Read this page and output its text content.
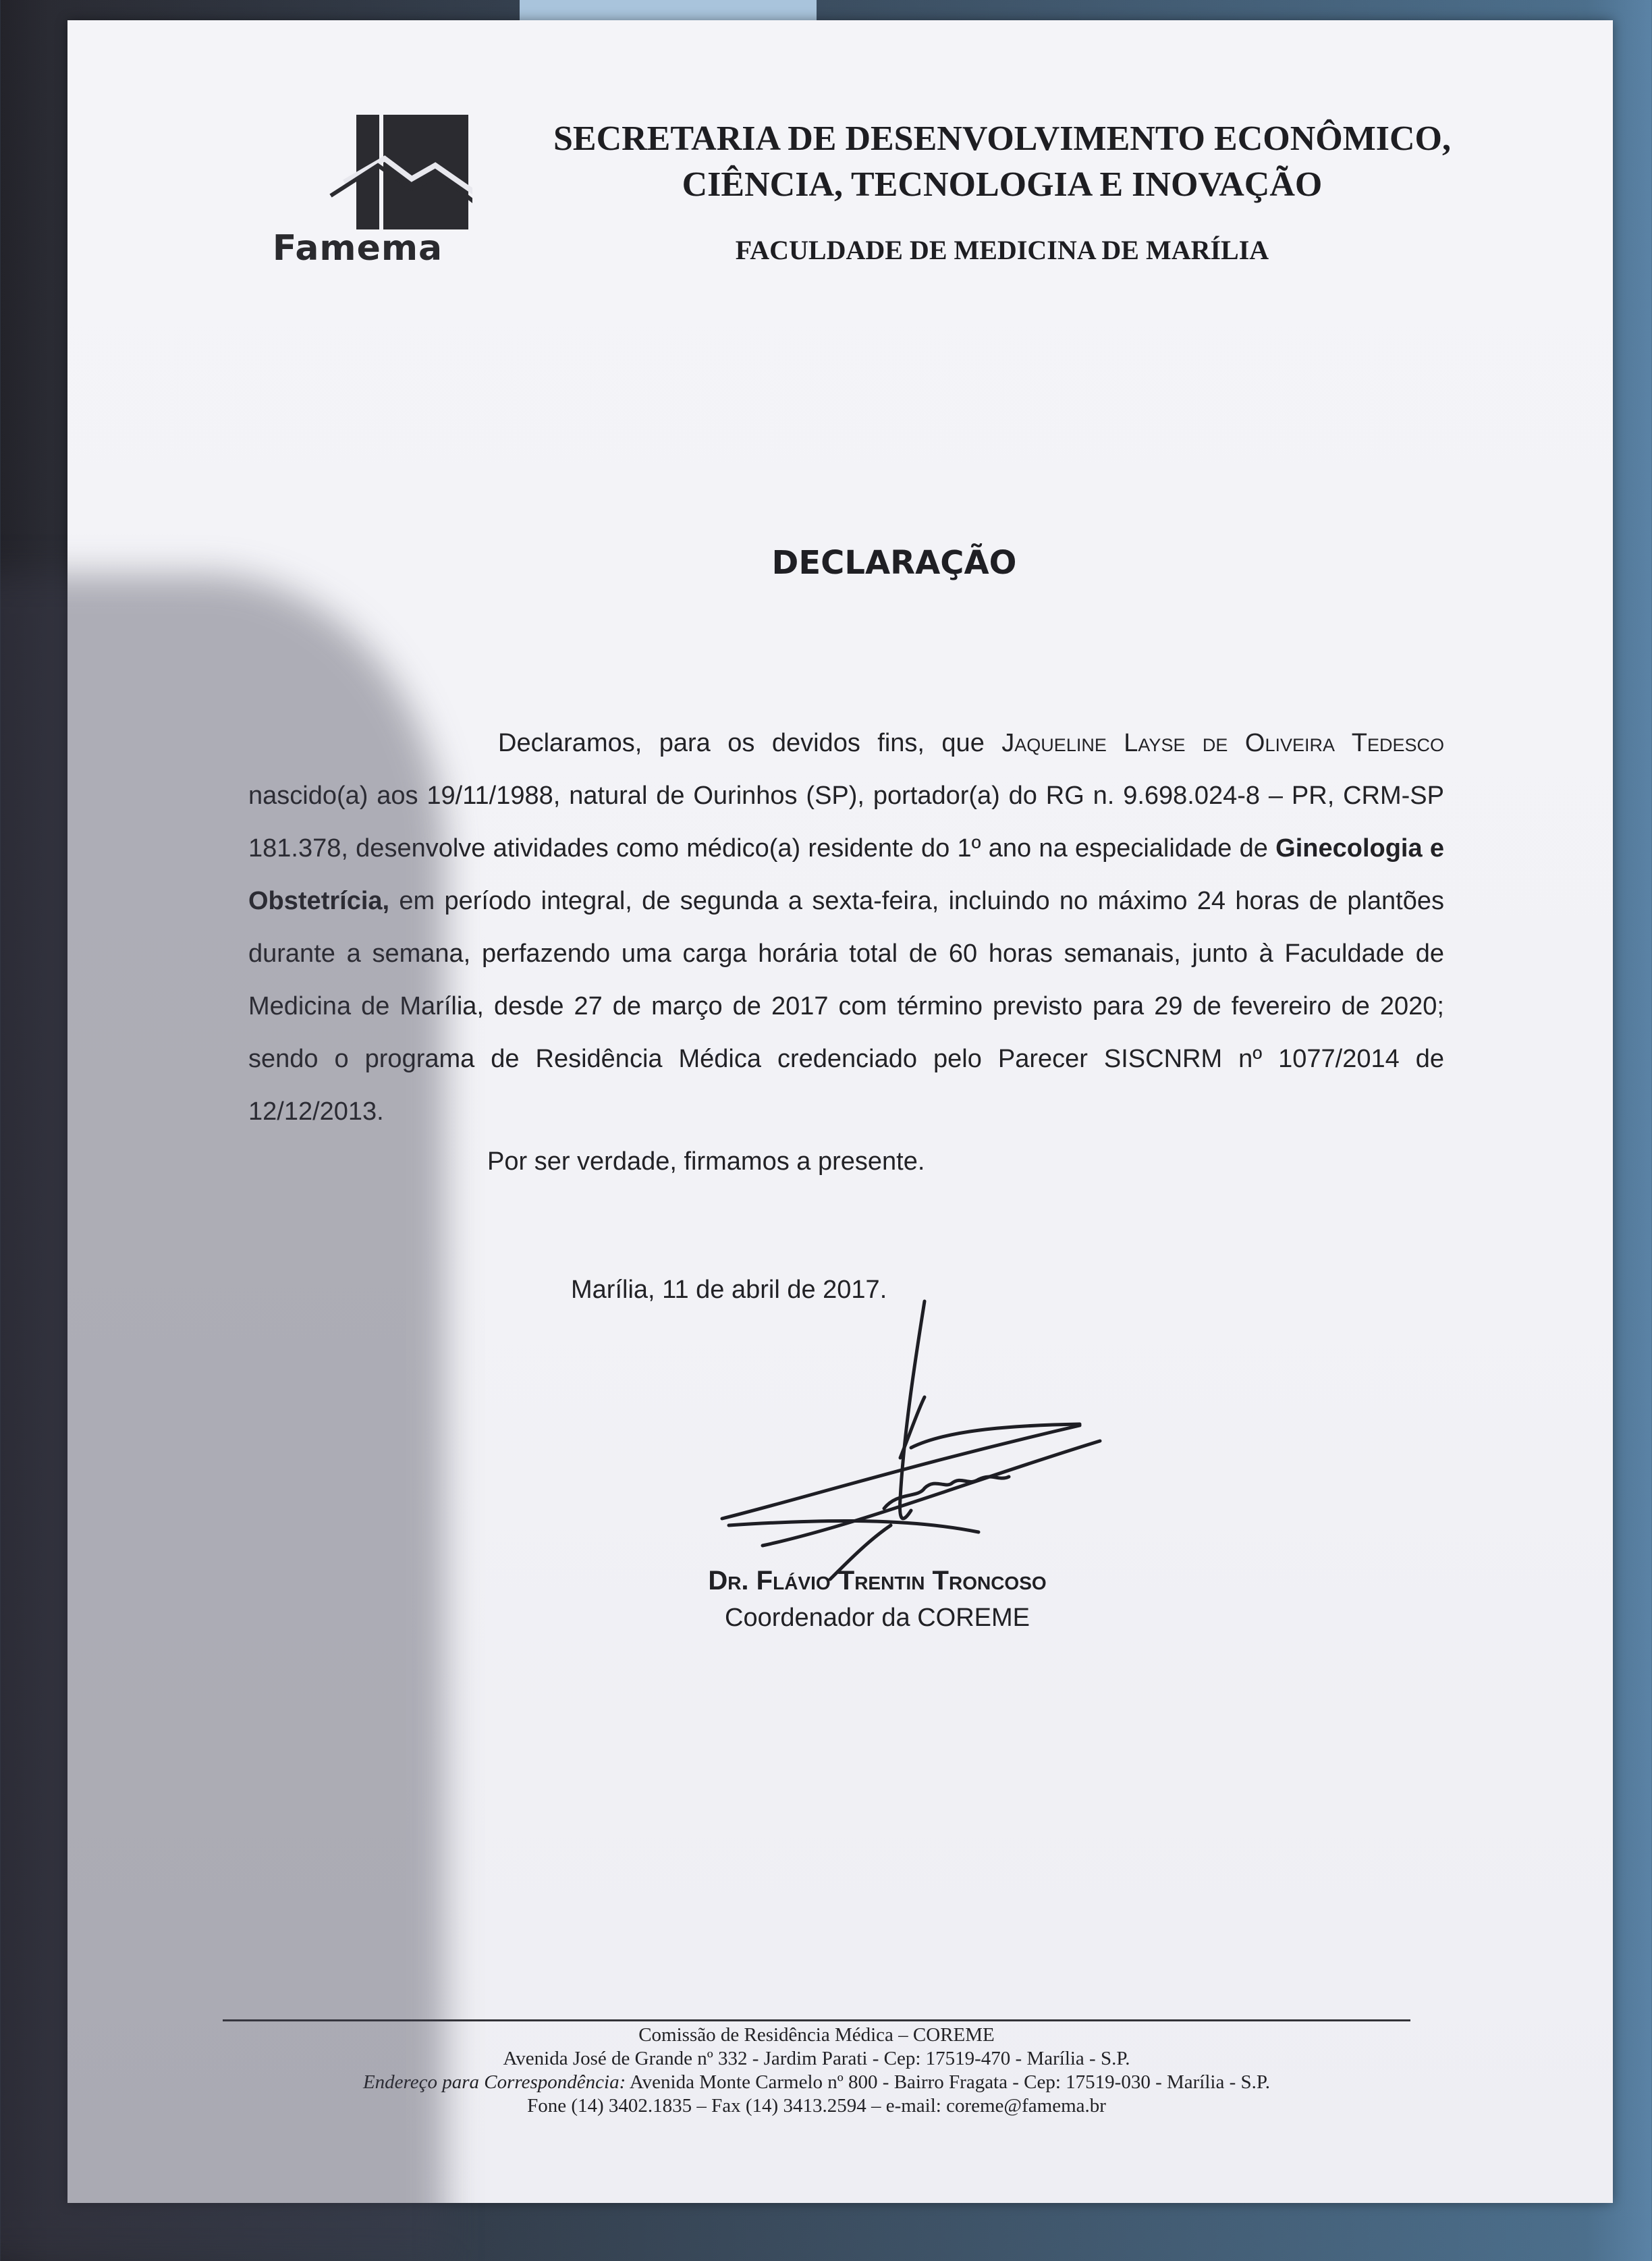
Famema
SECRETARIA DE DESENVOLVIMENTO ECONÔMICO,
CIÊNCIA, TECNOLOGIA E INOVAÇÃO
FACULDADE DE MEDICINA DE MARÍLIA
DECLARAÇÃO

Declaramos, para os devidos fins, que Jaqueline Layse de Oliveira Tedesco nascido(a) aos 19/11/1988, natural de Ourinhos (SP), portador(a) do RG n. 9.698.024-8 – PR, CRM-SP 181.378, desenvolve atividades como médico(a) residente do 1º ano na especialidade de Ginecologia e Obstetrícia, em período integral, de segunda a sexta-feira, incluindo no máximo 24 horas de plantões durante a semana, perfazendo uma carga horária total de 60 horas semanais, junto à Faculdade de Medicina de Marília, desde 27 de março de 2017 com término previsto para 29 de fevereiro de 2020; sendo o programa de Residência Médica credenciado pelo Parecer SISCNRM nº 1077/2014 de 12/12/2013.

Por ser verdade, firmamos a presente.
Marília, 11 de abril de 2017.
Dr. Flávio Trentin Troncoso
Coordenador da COREME
Comissão de Residência Médica – COREME
Avenida José de Grande nº 332 - Jardim Parati - Cep: 17519-470 - Marília - S.P.
Endereço para Correspondência: Avenida Monte Carmelo nº 800 - Bairro Fragata - Cep: 17519-030 - Marília - S.P.
Fone (14) 3402.1835 – Fax (14) 3413.2594 – e-mail: coreme@famema.br
